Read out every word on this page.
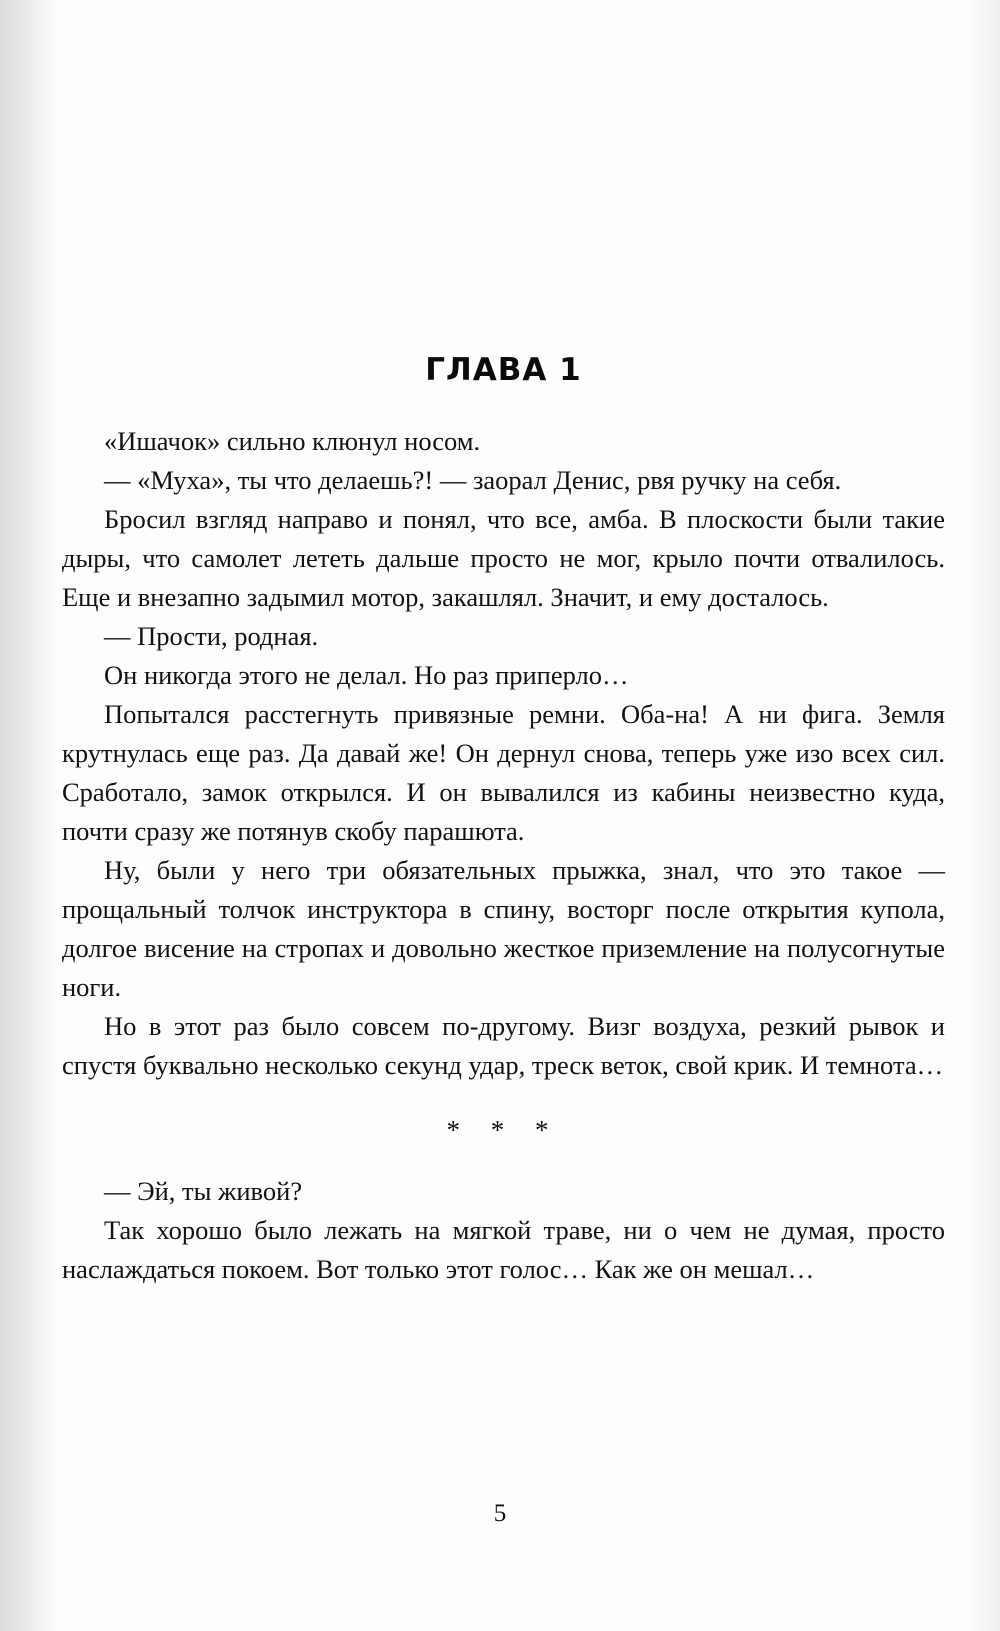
ГЛАВА 1

«Ишачок» сильно клюнул носом.

— «Муха», ты что делаешь?! — заорал Денис, рвя ручку на себя.

Бросил взгляд направо и понял, что все, амба. В плоскости были такие дыры, что самолет лететь дальше просто не мог, крыло почти отвалилось. Еще и внезапно задымил мотор, закашлял. Значит, и ему досталось.

— Прости, родная.

Он никогда этого не делал. Но раз приперло…

Попытался расстегнуть привязные ремни. Оба-на! А ни фига. Земля крутнулась еще раз. Да давай же! Он дернул снова, теперь уже изо всех сил. Сработало, замок открылся. И он вывалился из кабины неизвестно куда, почти сразу же потянув скобу парашюта.

Ну, были у него три обязательных прыжка, знал, что это такое — прощальный толчок инструктора в спину, восторг после открытия купола, долгое висение на стропах и довольно жесткое приземление на полусогнутые ноги.

Но в этот раз было совсем по-другому. Визг воздуха, резкий рывок и спустя буквально несколько секунд удар, треск веток, свой крик. И темнота…

* * *

— Эй, ты живой?

Так хорошо было лежать на мягкой траве, ни о чем не думая, просто наслаждаться покоем. Вот только этот голос… Как же он мешал…

5
